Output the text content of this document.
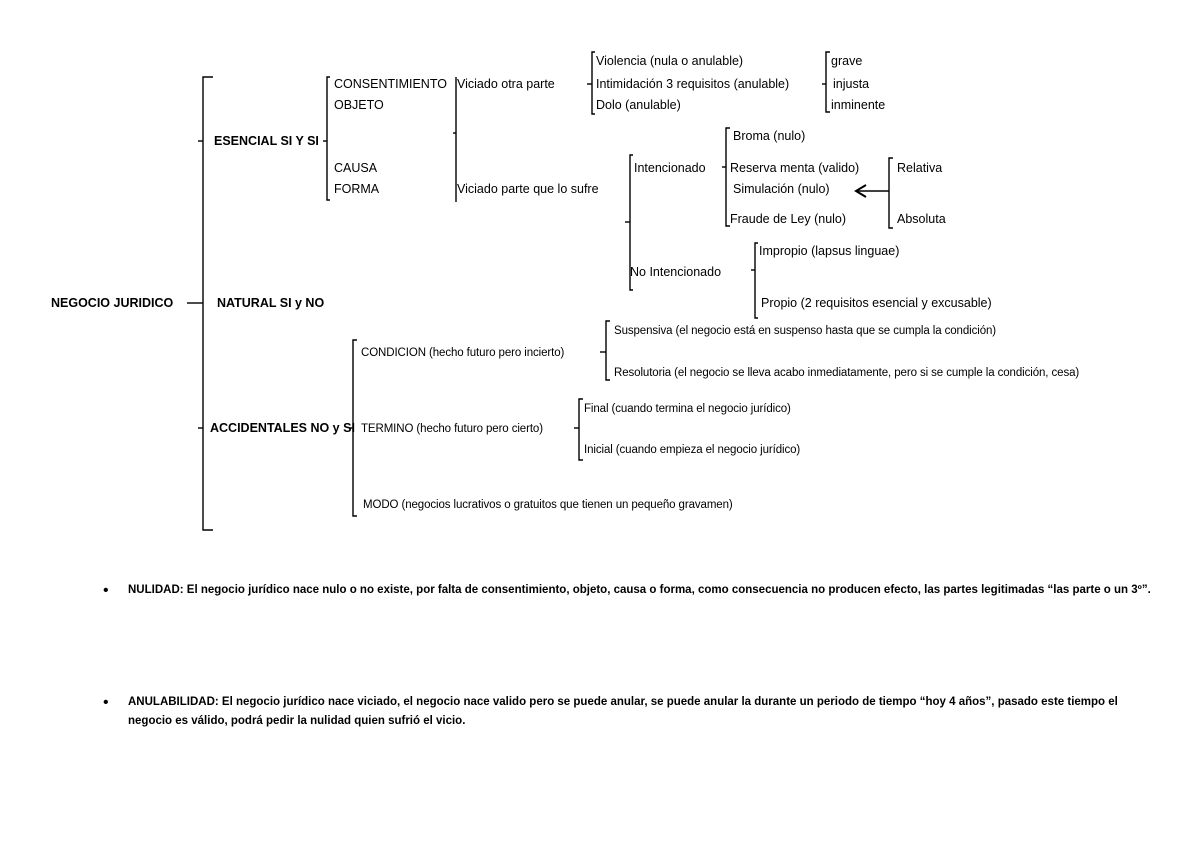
NEGOCIO JURIDICO
ESENCIAL SI Y SI
NATURAL SI y NO
ACCIDENTALES NO y SI
CONSENTIMIENTO
OBJETO
CAUSA
FORMA
Viciado otra parte
Viciado parte que lo sufre
Violencia (nula o anulable)
Intimidación 3 requisitos (anulable)
Dolo (anulable)
grave
injusta
inminente
Intencionado
Broma (nulo)
Reserva menta (valido)
Simulación (nulo)
Fraude de Ley (nulo)
Relativa
Absoluta
No Intencionado
Impropio (lapsus linguae)
Propio (2 requisitos esencial y excusable)
CONDICION (hecho futuro pero incierto)
Suspensiva (el negocio está en suspenso hasta que se cumpla la condición)
Resolutoria (el negocio se lleva acabo inmediatamente, pero si se cumple la condición, cesa)
TERMINO (hecho futuro pero cierto)
Final (cuando termina el negocio jurídico)
Inicial (cuando empieza el negocio jurídico)
MODO (negocios lucrativos o gratuitos que tienen un pequeño gravamen)
• NULIDAD: El negocio jurídico nace nulo o no existe, por falta de consentimiento, objeto, causa o forma, como consecuencia no producen efecto, las partes legitimadas “las parte o un 3º”.
• ANULABILIDAD: El negocio jurídico nace viciado, el negocio nace valido pero se puede anular, se puede anular la durante un periodo de tiempo “hoy 4 años”, pasado este tiempo el negocio es válido, podrá pedir la nulidad quien sufrió el vicio.
